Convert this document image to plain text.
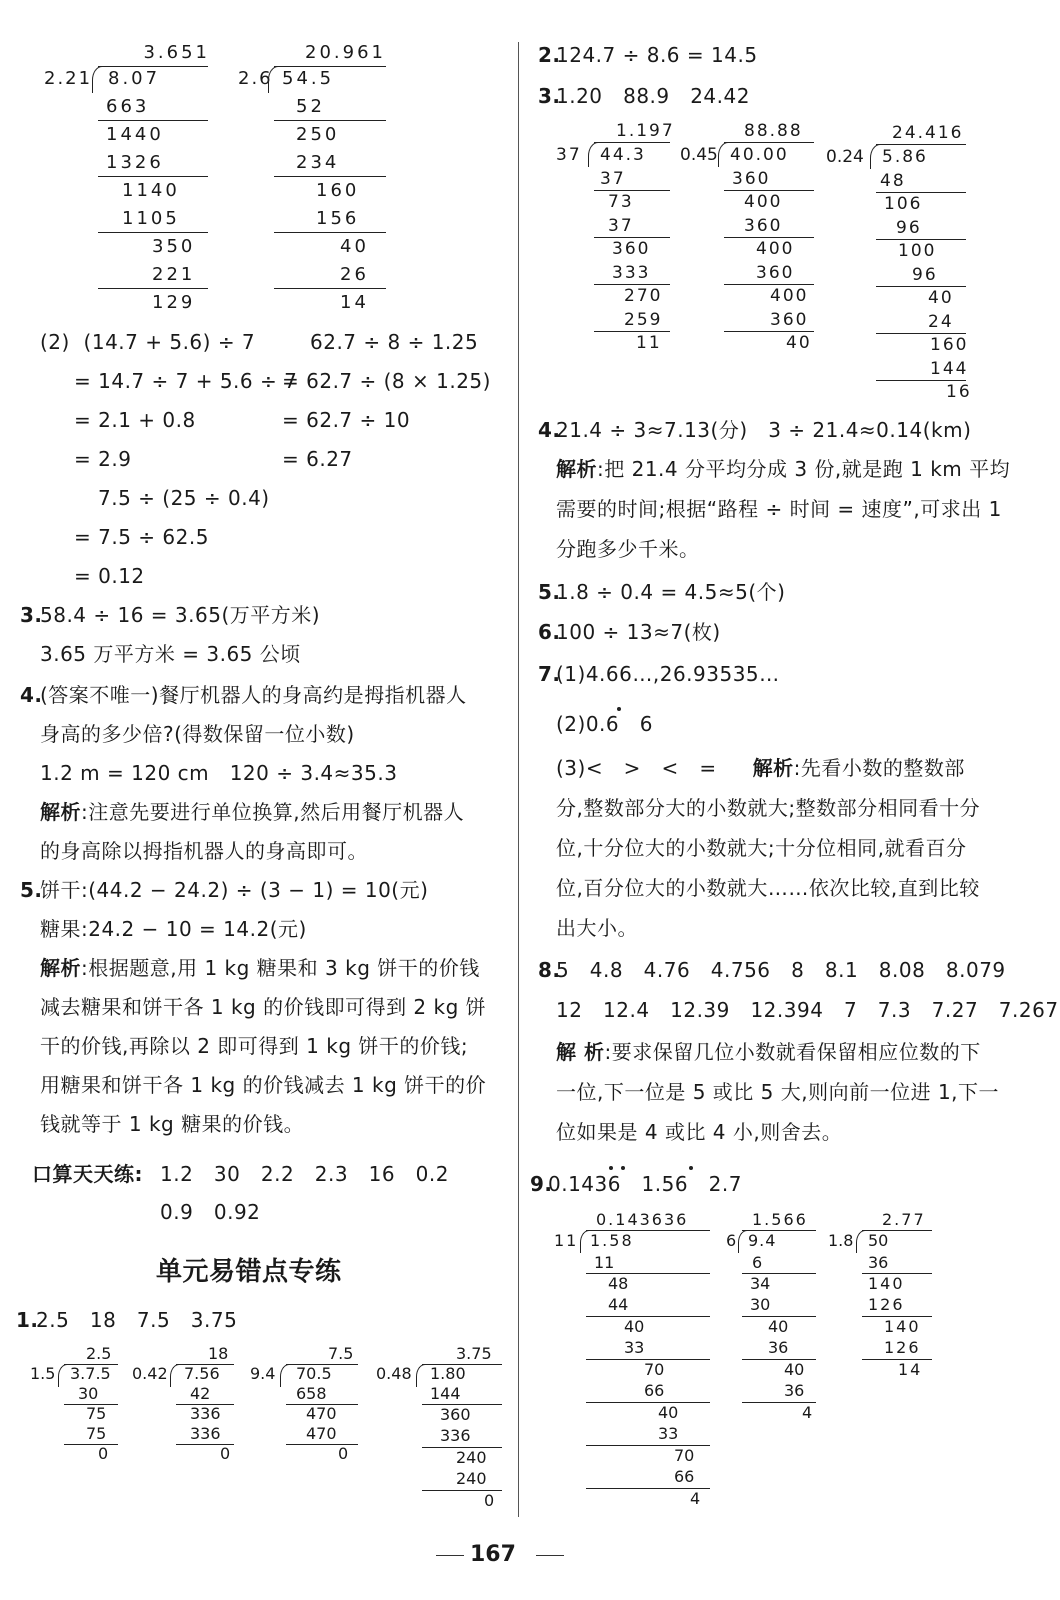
3.651
2.21 8.07
663
1440
1326
1140
1105
350
221
129
20.961
2.6 54.5
52
250
234
160
156
40
26
14
(2)  (14.7 + 5.6) ÷ 7
= 14.7 ÷ 7 + 5.6 ÷ 7
= 2.1 + 0.8
= 2.9
62.7 ÷ 8 ÷ 1.25
= 62.7 ÷ (8 × 1.25)
= 62.7 ÷ 10
= 6.27
7.5 ÷ (25 ÷ 0.4)
= 7.5 ÷ 62.5
= 0.12
3.
58.4 ÷ 16 = 3.65(万平方米)
3.65 万平方米 = 3.65 公顷
4.
(答案不唯一)餐厅机器人的身高约是拇指机器人
身高的多少倍?(得数保留一位小数)
1.2 m = 120 cm   120 ÷ 3.4≈35.3
解析:注意先要进行单位换算,然后用餐厅机器人
的身高除以拇指机器人的身高即可。
5.
饼干:(44.2 − 24.2) ÷ (3 − 1) = 10(元)
糖果:24.2 − 10 = 14.2(元)
解析:根据题意,用 1 kg 糖果和 3 kg 饼干的价钱
减去糖果和饼干各 1 kg 的价钱即可得到 2 kg 饼
干的价钱,再除以 2 即可得到 1 kg 饼干的价钱;
用糖果和饼干各 1 kg 的价钱减去 1 kg 饼干的价
钱就等于 1 kg 糖果的价钱。
口算天天练: 1.2   30   2.2   2.3   16   0.2
0.9   0.92
单元易错点专练
1.
2.5   18   7.5   3.75
2.5
1.5 3.7.5
30
75
75
0
18
0.42 7.56
42
336
336
0
7.5
9.4 70.5
658
470
470
0
3.75
0.48 1.80
144
360
336
240
240
0
2.
124.7 ÷ 8.6 = 14.5
3.
1.20   88.9   24.42
1.197
37 44.3
37
73
37
360
333
270
259
11
88.88
0.45 40.00
360
400
360
400
360
400
360
40
24.416
0.24 5.86
48
106
96
100
96
40
24
160
144
16
4.
21.4 ÷ 3≈7.13(分)   3 ÷ 21.4≈0.14(km)
解析:把 21.4 分平均分成 3 份,就是跑 1 km 平均
需要的时间;根据“路程 ÷ 时间 = 速度”,可求出 1
分跑多少千米。
5.
1.8 ÷ 0.4 = 4.5≈5(个)
6.
100 ÷ 13≈7(枚)
7.
(1)4.66…,26.93535…
(2)0.6   6
(3)<   >   <   = 解析:先看小数的整数部
分,整数部分大的小数就大;整数部分相同看十分
位,十分位大的小数就大;十分位相同,就看百分
位,百分位大的小数就大……依次比较,直到比较
出大小。
8.
5   4.8   4.76   4.756   8   8.1   8.08   8.079
12   12.4   12.39   12.394   7   7.3   7.27   7.267
解 析:要求保留几位小数就看保留相应位数的下
一位,下一位是 5 或比 5 大,则向前一位进 1,下一
位如果是 4 或比 4 小,则舍去。
9.
0.1436   1.56   2.7
0.143636
11 1.58
11
48
44
40
33
70
66
40
33
70
66
4
1.566
6 9.4
6
34
30
40
36
40
36
4
2.77
1.8 50
36
140
126
140
126
14
167
